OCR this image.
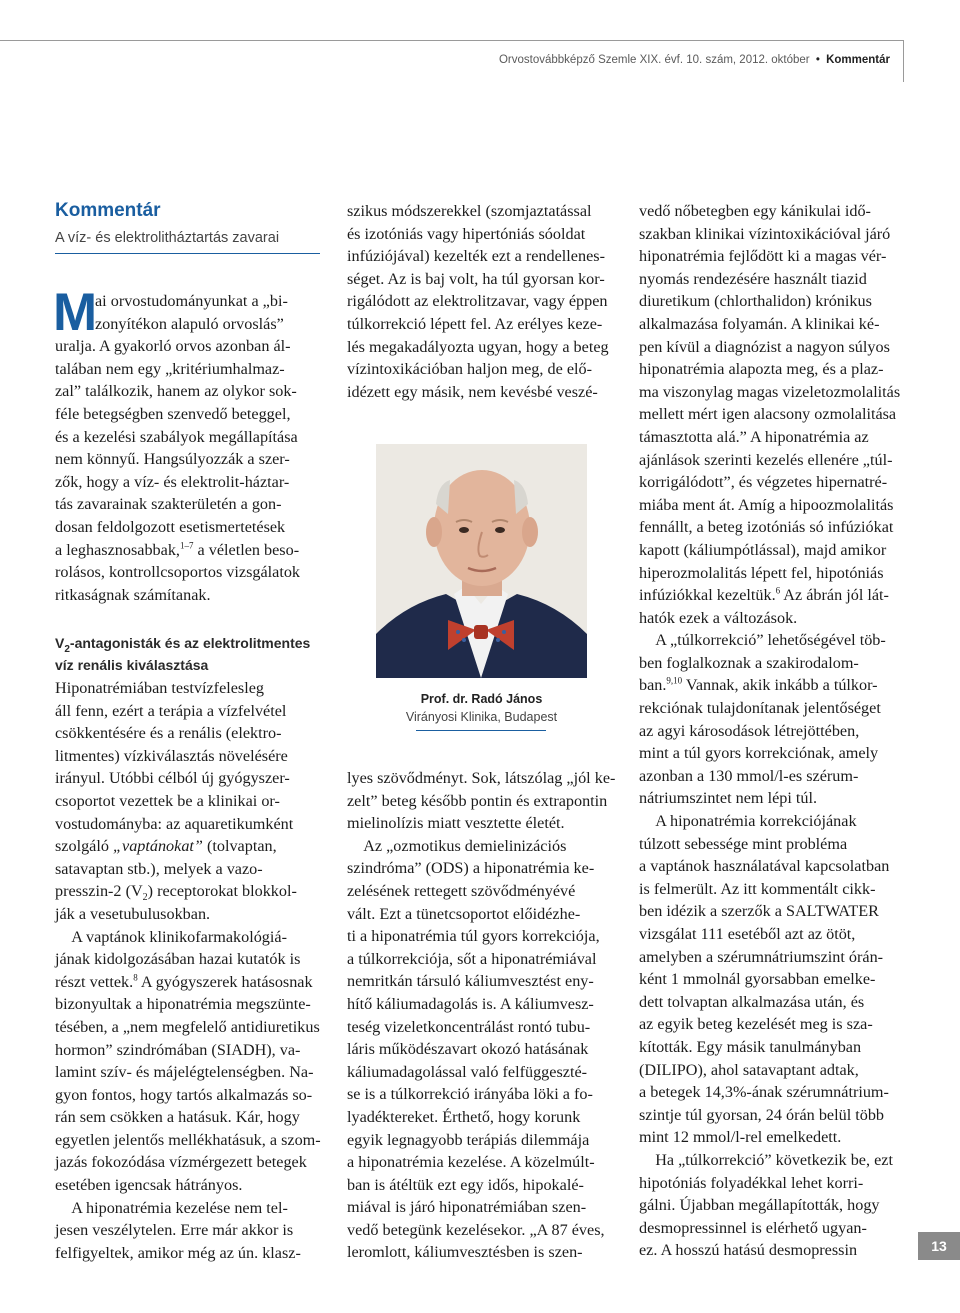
Orvostovábbképző Szemle XIX. évf. 10. szám, 2012. október • Kommentár
Kommentár
A víz- és elektrolitháztartás zavarai
M
ai orvostudományunkat a „bi-
zonyítékon alapuló orvoslás”
uralja. A gyakorló orvos azonban ál-
talában nem egy „kritériumhalmaz-
zal” találkozik, hanem az olykor sok-
féle betegségben szenvedő beteggel,
és a kezelési szabályok megállapítása
nem könnyű. Hangsúlyozzák a szer-
zők, hogy a víz- és elektrolit-háztar-
tás zavarainak szakterületén a gon-
dosan feldolgozott esetismertetések
a leghasznosabbak,$^{1-7}$ a véletlen beso-
rolásos, kontrollcsoportos vizsgálatok
ritkaságnak számítanak.
$V_2$-antagonisták és az elektrolitmentes
víz renális kiválasztása
Hiponatrémiában testvízfelesleg
áll fenn, ezért a terápia a vízfelvétel
csökkentésére és a renális (elektro-
litmentes) vízkiválasztás növelésére
irányul. Utóbbi célból új gyógyszer-
csoportot vezettek be a klinikai or-
vostudományba: az aquaretikumként
szolgáló „vaptánokat” (tolvaptan,
satavaptan stb.), melyek a vazo-
presszin-2 $(V_2)$ receptorokat blokkol-
ják a vesetubulusokban.
A vaptánok klinikofarmakológiá-
jának kidolgozásában hazai kutatók is
részt vettek.$^8$ A gyógyszerek hatásosnak
bizonyultak a hiponatrémia megszünte-
tésében, a „nem megfelelő antidiuretikus
hormon” szindrómában (SIADH), va-
lamint szív- és májelégtelenségben. Na-
gyon fontos, hogy tartós alkalmazás so-
rán sem csökken a hatásuk. Kár, hogy
egyetlen jelentős mellékhatásuk, a szom-
jazás fokozódása vízmérgezett betegek
esetében igencsak hátrányos.
A hiponatrémia kezelése nem tel-
jesen veszélytelen. Erre már akkor is
felfigyeltek, amikor még az ún. klasz-
szikus módszerekkel (szomjaztatással
és izotóniás vagy hipertóniás sóoldat
infúziójával) kezelték ezt a rendellenes-
séget. Az is baj volt, ha túl gyorsan kor-
rigálódott az elektrolitzavar, vagy éppen
túlkorrekció lépett fel. Az erélyes keze-
lés megakadályozta ugyan, hogy a beteg
vízintoxikációban haljon meg, de elő-
idézett egy másik, nem kevésbé veszé-
Prof. dr. Radó János
Virányosi Klinika, Budapest
lyes szövődményt. Sok, látszólag „jól ke-
zelt” beteg később pontin és extrapontin
mielinolízis miatt vesztette életét.
Az „ozmotikus demielinizációs
szindróma” (ODS) a hiponatrémia ke-
zelésének rettegett szövődményévé
vált. Ezt a tünetcsoportot előidézhe-
ti a hiponatrémia túl gyors korrekciója,
a túlkorrekciója, sőt a hiponatrémiával
nemritkán társuló káliumvesztést eny-
hítő káliumadagolás is. A káliumvesz-
teség vizeletkoncentrálást rontó tubu-
láris működészavart okozó hatásának
káliumadagolással való felfüggeszté-
se is a túlkorrekció irányába löki a fo-
lyadéktereket. Érthető, hogy korunk
egyik legnagyobb terápiás dilemmája
a hiponatrémia kezelése. A közelmúlt-
ban is átéltük ezt egy idős, hipokalé-
miával is járó hiponatrémiában szen-
vedő betegünk kezelésekor. „A 87 éves,
leromlott, káliumvesztésben is szen-
vedő nőbetegben egy kánikulai idő-
szakban klinikai vízintoxikációval járó
hiponatrémia fejlődött ki a magas vér-
nyomás rendezésére használt tiazid
diuretikum (chlorthalidon) krónikus
alkalmazása folyamán. A klinikai ké-
pen kívül a diagnózist a nagyon súlyos
hiponatrémia alapozta meg, és a plaz-
ma viszonylag magas vizeletozmolalitás
mellett mért igen alacsony ozmolalitása
támasztotta alá.” A hiponatrémia az
ajánlások szerinti kezelés ellenére „túl-
korrigálódott”, és végzetes hipernatré-
miába ment át. Amíg a hipoozmolalitás
fennállt, a beteg izotóniás só infúziókat
kapott (káliumpótlással), majd amikor
hiperozmolalitás lépett fel, hipotóniás
infúziókkal kezeltük.$^6$ Az ábrán jól lát-
hatók ezek a változások.
A „túlkorrekció” lehetőségével töb-
ben foglalkoznak a szakirodalom-
ban.$^{9,10}$ Vannak, akik inkább a túlkor-
rekciónak tulajdonítanak jelentőséget
az agyi károsodások létrejöttében,
mint a túl gyors korrekciónak, amely
azonban a 130 mmol/l-es szérum-
nátriumszintet nem lépi túl.
A hiponatrémia korrekciójának
túlzott sebessége mint probléma
a vaptánok használatával kapcsolatban
is felmerült. Az itt kommentált cikk-
ben idézik a szerzők a SALTWATER
vizsgálat 111 esetéből azt az ötöt,
amelyben a szérumnátriumszint órán-
ként 1 mmolnál gyorsabban emelke-
dett tolvaptan alkalmazása után, és
az egyik beteg kezelését meg is sza-
kították. Egy másik tanulmányban
(DILIPO), ahol satavaptant adtak,
a betegek 14,3%-ának szérumnátrium-
szintje túl gyorsan, 24 órán belül több
mint 12 mmol/l-rel emelkedett.
Ha „túlkorrekció” következik be, ezt
hipotóniás folyadékkal lehet korri-
gálni. Újabban megállapították, hogy
desmopressinnel is elérhető ugyan-
ez. A hosszú hatású desmopressin	13
